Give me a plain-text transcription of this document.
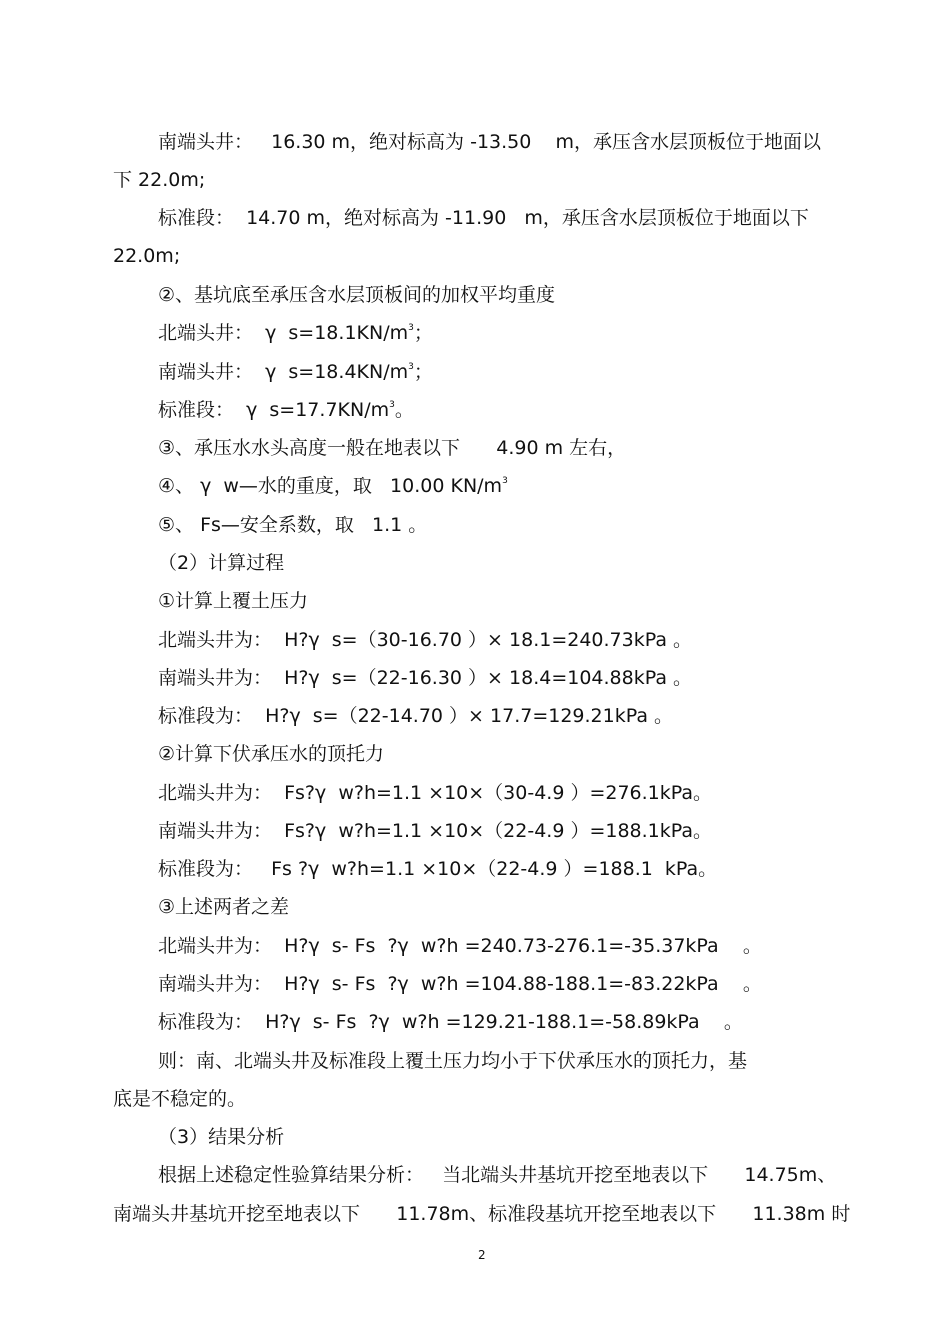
南端头井：   16.30 m，绝对标高为 -13.50    m，承压含水层顶板位于地面以
下 22.0m;
标准段：  14.70 m，绝对标高为 -11.90   m，承压含水层顶板位于地面以下
22.0m;
②、基坑底至承压含水层顶板间的加权平均重度
北端头井：  γ  $s=18.1KN/m^3$；
南端头井：  γ  $s=18.4KN/m^3$；
标准段：  γ  $s=17.7KN/m^3$。
③、承压水水头高度一般在地表以下      4.90 m 左右，
④、 γ  w—水的重度，取   10.00 $KN/m^3$
⑤、 Fs—安全系数，取   1.1 。
（2）计算过程
①计算上覆土压力
北端头井为：  H?γ  s=（30-16.70 ）× 18.1=240.73kPa 。
南端头井为：  H?γ  s=（22-16.30 ）× 18.4=104.88kPa 。
标准段为：  H?γ  s=（22-14.70 ）× 17.7=129.21kPa 。
②计算下伏承压水的顶托力
北端头井为：  Fs?γ  w?h=1.1 ×10×（30-4.9 ）=276.1kPa。
南端头井为：  Fs?γ  w?h=1.1 ×10×（22-4.9 ）=188.1kPa。
标准段为：   Fs ?γ  w?h=1.1 ×10×（22-4.9 ）=188.1  kPa。
③上述两者之差
北端头井为：  H?γ  s- Fs  ?γ  w?h =240.73-276.1=-35.37kPa    。
南端头井为：  H?γ  s- Fs  ?γ  w?h =104.88-188.1=-83.22kPa    。
标准段为：  H?γ  s- Fs  ?γ  w?h =129.21-188.1=-58.89kPa    。
则：南、北端头井及标准段上覆土压力均小于下伏承压水的顶托力，基
底是不稳定的。
（3）结果分析
根据上述稳定性验算结果分析：   当北端头井基坑开挖至地表以下      14.75m、
南端头井基坑开挖至地表以下      11.78m、标准段基坑开挖至地表以下      11.38m 时
2
